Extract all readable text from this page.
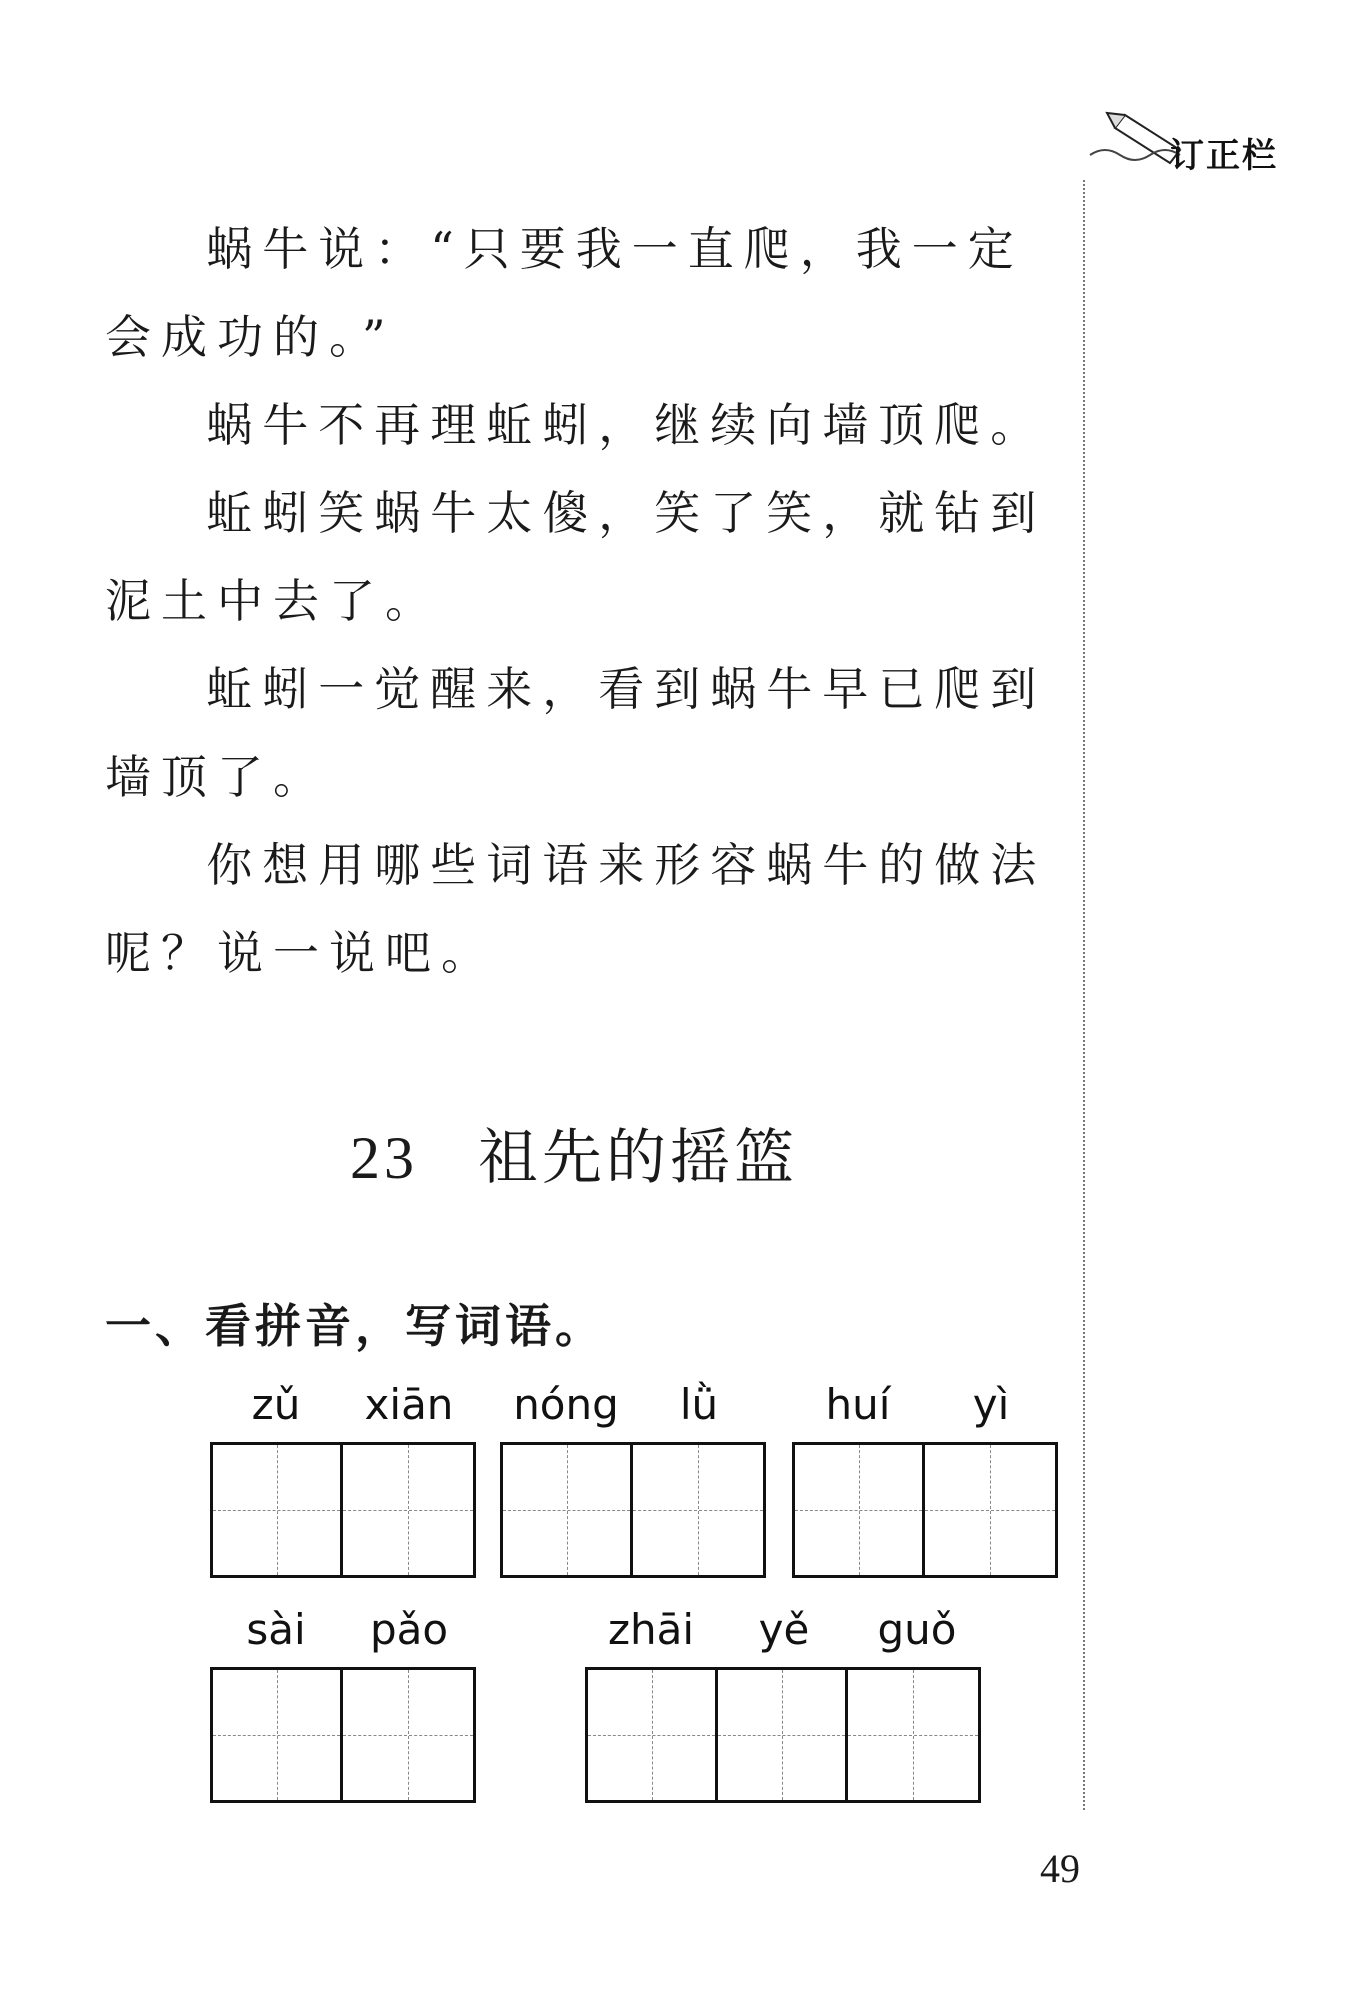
订正栏

蜗牛说：“只要我一直爬，我一定会成功的。”

蜗牛不再理蚯蚓，继续向墙顶爬。

蚯蚓笑蜗牛太傻，笑了笑，就钻到泥土中去了。

蚯蚓一觉醒来，看到蜗牛早已爬到墙顶了。

你想用哪些词语来形容蜗牛的做法呢？说一说吧。

23 祖先的摇篮
一、看拼音，写词语。
zǔ	xiān	nóng	lǜ	huí	yì
sài	pǎo	zhāi	yě	guǒ
49
